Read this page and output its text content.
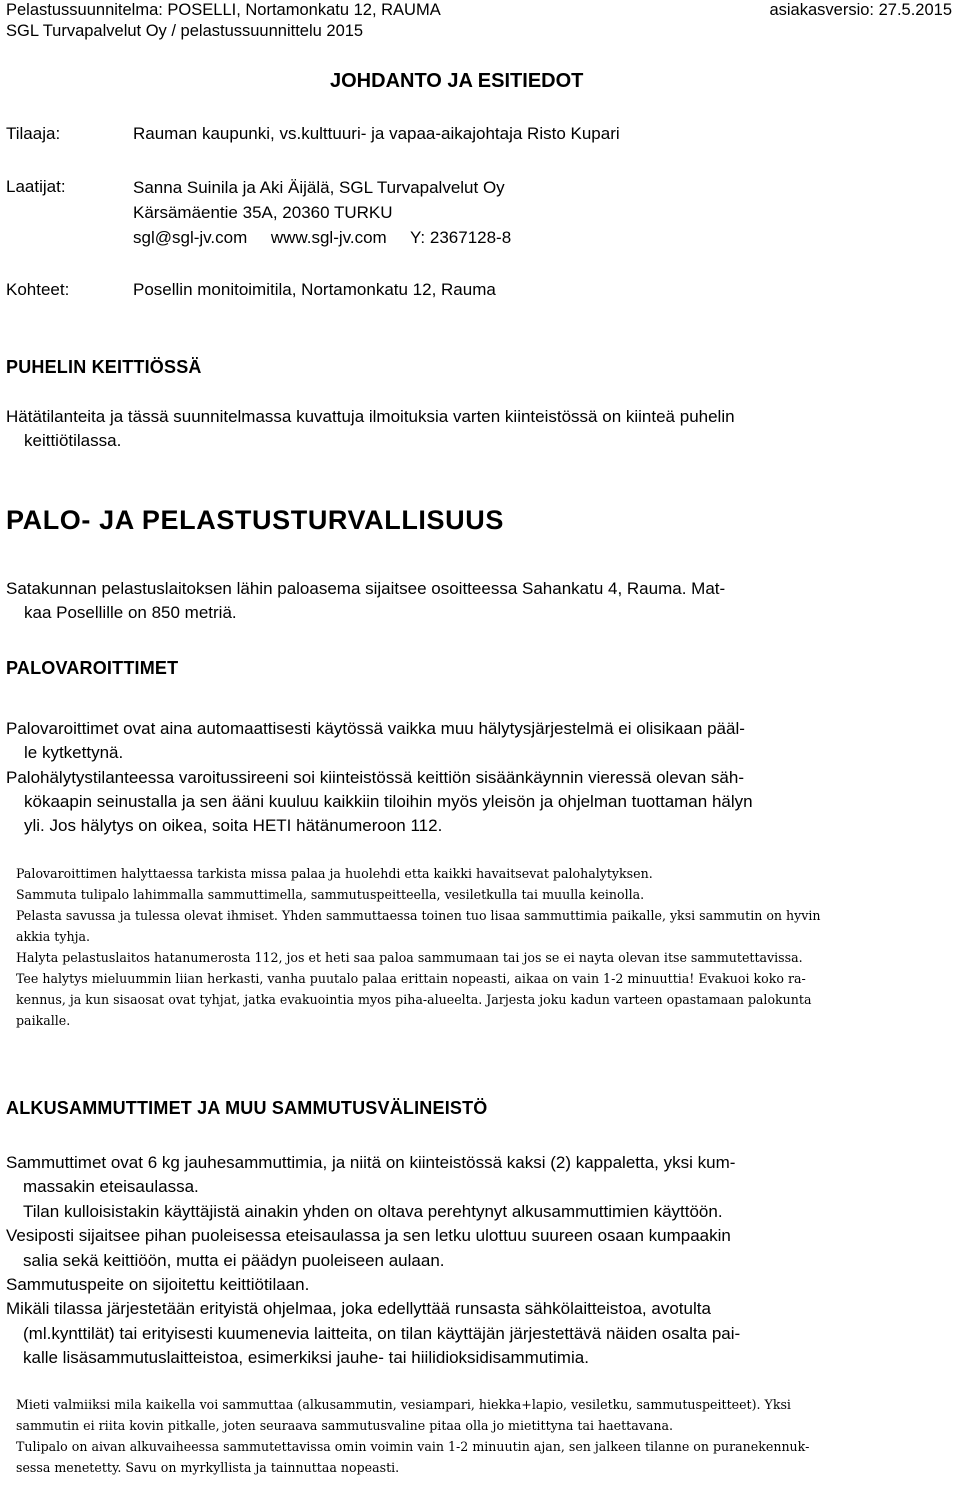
Pelastussuunnitelma: POSELLI, Nortamonkatu 12, RAUMA	asiakasversio: 27.5.2015
SGL Turvapalvelut Oy / pelastussuunnittelu 2015
JOHDANTO JA ESITIEDOT
Tilaaja:	Rauman kaupunki, vs.kulttuuri- ja vapaa-aikajohtaja Risto Kupari
Laatijat:	Sanna Suinila ja Aki Äijälä, SGL Turvapalvelut Oy
Kärsämäentie 35A, 20360 TURKU
sgl@sgl-jv.com     www.sgl-jv.com     Y: 2367128-8
Kohteet:	Posellin monitoimitila, Nortamonkatu 12, Rauma
PUHELIN KEITTIÖSSÄ
Hätätilanteita ja tässä suunnitelmassa kuvattuja ilmoituksia varten kiinteistössä on kiinteä puhelin
keittiötilassa.
PALO- JA PELASTUSTURVALLISUUS
Satakunnan pelastuslaitoksen lähin paloasema sijaitsee osoitteessa Sahankatu 4, Rauma. Mat-
kaa Posellille on 850 metriä.
PALOVAROITTIMET
Palovaroittimet ovat aina automaattisesti käytössä vaikka muu hälytysjärjestelmä ei olisikaan pääl-
le kytkettynä.
Palohälytystilanteessa varoitussireeni soi kiinteistössä keittiön sisäänkäynnin vieressä olevan säh-
kökaapin seinustalla ja sen ääni kuuluu kaikkiin tiloihin myös yleisön ja ohjelman tuottaman hälyn
yli. Jos hälytys on oikea, soita HETI hätänumeroon 112.

Palovaroittimen halyttaessa tarkista missa palaa ja huolehdi etta kaikki havaitsevat palohalytyksen.

Sammuta tulipalo lahimmalla sammuttimella, sammutuspeitteella, vesiletkulla tai muulla keinolla.

Pelasta savussa ja tulessa olevat ihmiset. Yhden sammuttaessa toinen tuo lisaa sammuttimia paikalle, yksi sammutin on hyvin

akkia tyhja.

Halyta pelastuslaitos hatanumerosta 112, jos et heti saa paloa sammumaan tai jos se ei nayta olevan itse sammutettavissa.

Tee halytys mieluummin liian herkasti, vanha puutalo palaa erittain nopeasti, aikaa on vain 1-2 minuuttia! Evakuoi koko ra-

kennus, ja kun sisaosat ovat tyhjat, jatka evakuointia myos piha-alueelta. Jarjesta joku kadun varteen opastamaan palokunta

paikalle.

ALKUSAMMUTTIMET JA MUU SAMMUTUSVÄLINEISTÖ
Sammuttimet ovat 6 kg jauhesammuttimia, ja niitä on kiinteistössä kaksi (2) kappaletta, yksi kum-
massakin eteisaulassa.
Tilan kulloisistakin käyttäjistä ainakin yhden on oltava perehtynyt alkusammuttimien käyttöön.
Vesiposti sijaitsee pihan puoleisessa eteisaulassa ja sen letku ulottuu suureen osaan kumpaakin
salia sekä keittiöön, mutta ei päädyn puoleiseen aulaan.
Sammutuspeite on sijoitettu keittiötilaan.
Mikäli tilassa järjestetään erityistä ohjelmaa, joka edellyttää runsasta sähkölaitteistoa, avotulta
(ml.kynttilät) tai erityisesti kuumenevia laitteita, on tilan käyttäjän järjestettävä näiden osalta pai-
kalle lisäsammutuslaitteistoa, esimerkiksi jauhe- tai hiilidioksidisammutimia.

Mieti valmiiksi mila kaikella voi sammuttaa (alkusammutin, vesiampari, hiekka+lapio, vesiletku, sammutuspeitteet). Yksi

sammutin ei riita kovin pitkalle, joten seuraava sammutusvaline pitaa olla jo mietittyna tai haettavana.

Tulipalo on aivan alkuvaiheessa sammutettavissa omin voimin vain 1-2 minuutin ajan, sen jalkeen tilanne on puranekennuk-

sessa menetetty. Savu on myrkyllista ja tainnuttaa nopeasti.
